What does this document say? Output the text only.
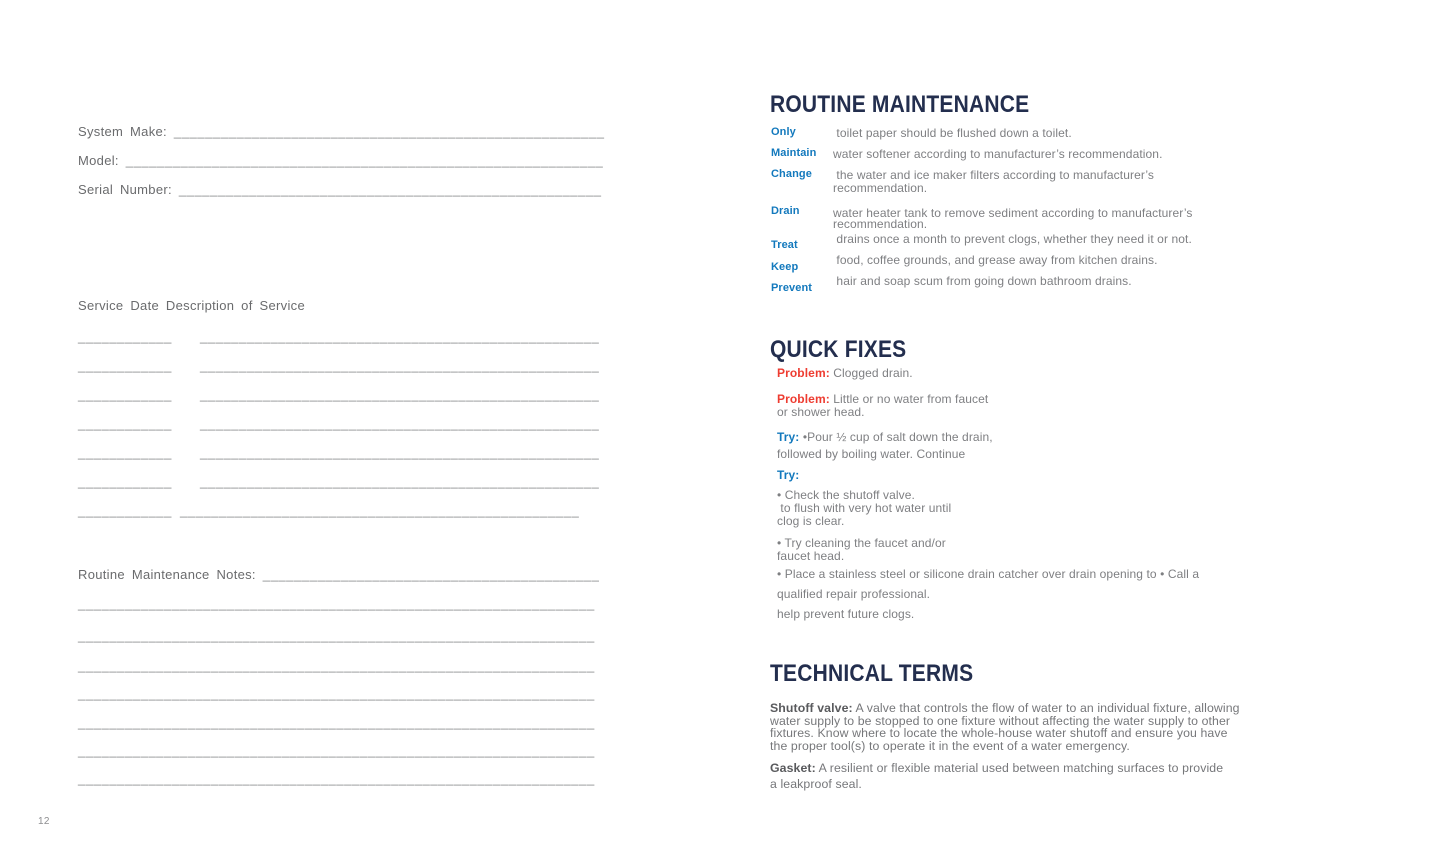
System Make: _______________________________________________________
Model: _____________________________________________________________
Serial Number: ______________________________________________________
Service Date Description of Service
____________ ___________________________________________________
____________ ___________________________________________________
____________ ___________________________________________________
____________ ___________________________________________________
____________ ___________________________________________________
____________ ___________________________________________________
____________ ___________________________________________________
Routine Maintenance Notes: ___________________________________________
__________________________________________________________________
__________________________________________________________________
__________________________________________________________________
__________________________________________________________________
__________________________________________________________________
__________________________________________________________________
__________________________________________________________________
12
ROUTINE MAINTENANCE
Only
Maintain
Change
Drain
Treat
Keep
Prevent
toilet paper should be flushed down a toilet.
water softener according to manufacturer’s recommendation.
the water and ice maker filters according to manufacturer’s
recommendation.
water heater tank to remove sediment according to manufacturer’s
recommendation.
drains once a month to prevent clogs, whether they need it or not.
food, coffee grounds, and grease away from kitchen drains.
hair and soap scum from going down bathroom drains.
QUICK FIXES
Problem: Clogged drain.
Problem: Little or no water from faucet
or shower head.
Try: •Pour ½ cup of salt down the drain,
followed by boiling water. Continue
Try:
• Check the shutoff valve.
to flush with very hot water until
clog is clear.
• Try cleaning the faucet and/or
faucet head.
• Place a stainless steel or silicone drain catcher over drain opening to • Call a
qualified repair professional.
help prevent future clogs.
TECHNICAL TERMS
Shutoff valve: A valve that controls the flow of water to an individual fixture, allowing
water supply to be stopped to one fixture without affecting the water supply to other
fixtures. Know where to locate the whole-house water shutoff and ensure you have
the proper tool(s) to operate it in the event of a water emergency.
Gasket: A resilient or flexible material used between matching surfaces to provide
a leakproof seal.
